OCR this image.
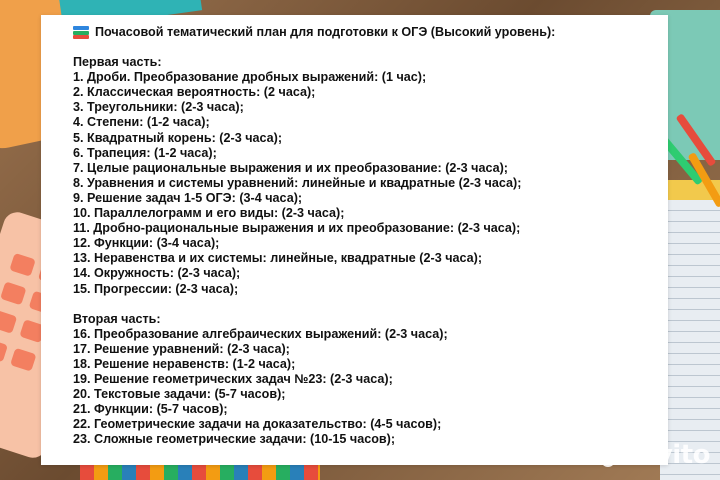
Почасовой тематический план для подготовки к ОГЭ (Высокий уровень):
Первая часть:
1. Дроби. Преобразование дробных выражений: (1 час);
2. Классическая вероятность: (2 часа);
3. Треугольники: (2-3 часа);
4. Степени: (1-2 часа);
5. Квадратный корень: (2-3 часа);
6. Трапеция: (1-2 часа);
7. Целые рациональные выражения и их преобразование: (2-3 часа);
8. Уравнения и системы уравнений: линейные и квадратные (2-3 часа);
9. Решение задач 1-5 ОГЭ: (3-4 часа);
10. Параллелограмм и его виды: (2-3 часа);
11. Дробно-рациональные выражения и их преобразование: (2-3 часа);
12. Функции: (3-4 часа);
13. Неравенства и их системы: линейные, квадратные (2-3 часа);
14. Окружность: (2-3 часа);
15. Прогрессии: (2-3 часа);
Вторая часть:
16. Преобразование алгебраических выражений: (2-3 часа);
17. Решение уравнений: (2-3 часа);
18. Решение неравенств: (1-2 часа);
19. Решение геометрических задач №23: (2-3 часа);
20. Текстовые задачи: (5-7 часов);
21. Функции: (5-7 часов);
22. Геометрические задачи на доказательство: (4-5 часов);
23. Сложные геометрические задачи: (10-15 часов);
Avito
